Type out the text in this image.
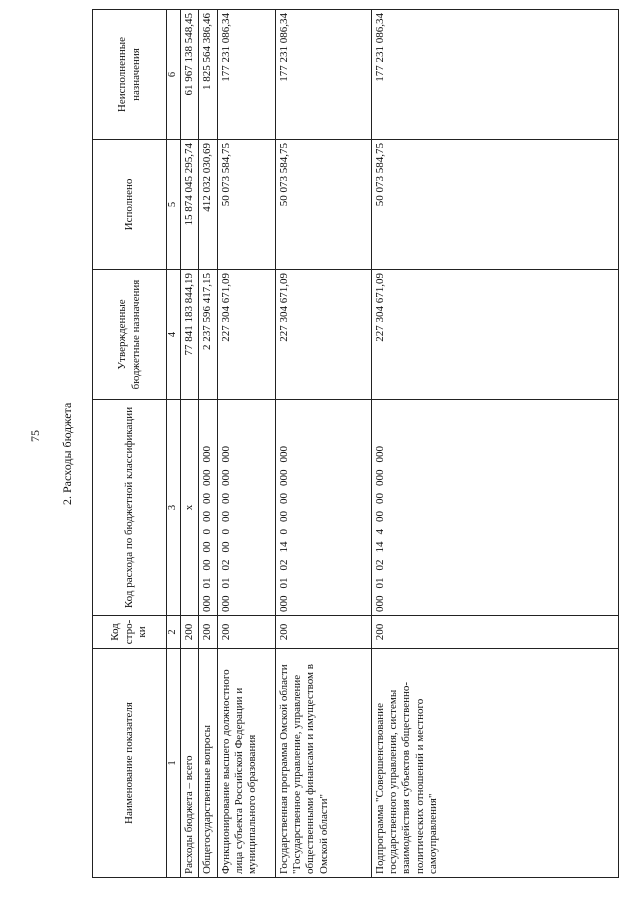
75 2. Расходы бюджета
Наименование показателя	Код стро-ки	Код расхода по бюджетной классификации	Утвержденные бюджетные назначения	Исполнено	Неисполненные назначения
1	2	3	4	5	6
Расходы бюджета – всего	200	x	77 841 183 844,19	15 874 045 295,74	61 967 138 548,45
Общегосударственные вопросы	200	00001000000000000000	2 237 596 417,15	412 032 030,69	1 825 564 386,46
Функционирование высшего должностного лица субъекта Российской Федерации и муниципального образования	200	00001020000000000000	227 304 671,09	50 073 584,75	177 231 086,34
Государственная программа Омской области "Государственное управление, управление общественными финансами и имуществом в Омской области"	200	00001021400000000000	227 304 671,09	50 073 584,75	177 231 086,34
Подпрограмма "Совершенствование государственного управления, системы взаимодействия субъектов общественно-политических отношений и местного самоуправления"	200	00001021440000000000	227 304 671,09	50 073 584,75	177 231 086,34
